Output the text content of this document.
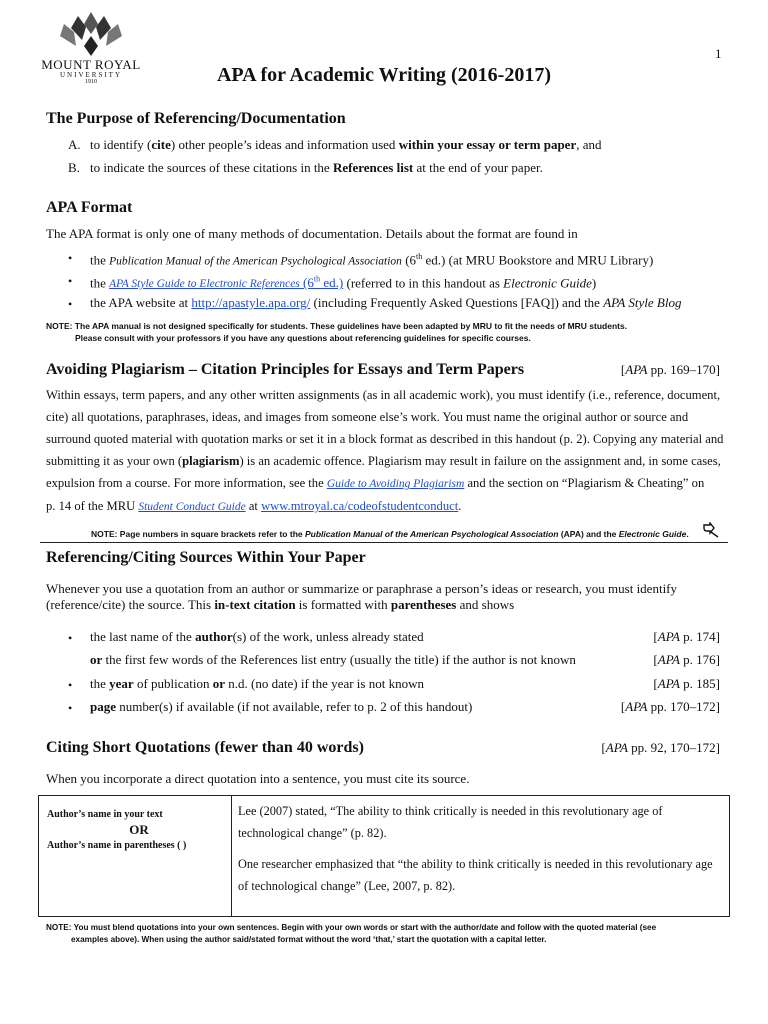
MOUNT ROYAL
UNIVERSITY
1910
1
APA for Academic Writing (2016-2017)
The Purpose of Referencing/Documentation
A. to identify (cite) other people’s ideas and information used within your essay or term paper, and
B. to indicate the sources of these citations in the References list at the end of your paper.
APA Format
The APA format is only one of many methods of documentation. Details about the format are found in
• the Publication Manual of the American Psychological Association (6th ed.) (at MRU Bookstore and MRU Library)
• the APA Style Guide to Electronic References (6th ed.) (referred to in this handout as Electronic Guide)
• the APA website at http://apastyle.apa.org/ (including Frequently Asked Questions [FAQ]) and the APA Style Blog
NOTE: The APA manual is not designed specifically for students. These guidelines have been adapted by MRU to fit the needs of MRU students.
Please consult with your professors if you have any questions about referencing guidelines for specific courses.
Avoiding Plagiarism – Citation Principles for Essays and Term Papers	[APA pp. 169–170]
Within essays, term papers, and any other written assignments (as in all academic work), you must identify (i.e., reference, document,
cite) all quotations, paraphrases, ideas, and images from someone else’s work. You must name the original author or source and
surround quoted material with quotation marks or set it in a block format as described in this handout (p. 2). Copying any material and
submitting it as your own (plagiarism) is an academic offence. Plagiarism may result in failure on the assignment and, in some cases,
expulsion from a course. For more information, see the Guide to Avoiding Plagiarism and the section on “Plagiarism & Cheating” on
p. 14 of the MRU Student Conduct Guide at www.mtroyal.ca/codeofstudentconduct.
NOTE: Page numbers in square brackets refer to the Publication Manual of the American Psychological Association (APA) and the Electronic Guide.
Referencing/Citing Sources Within Your Paper
Whenever you use a quotation from an author or summarize or paraphrase a person’s ideas or research, you must identify
(reference/cite) the source. This in-text citation is formatted with parentheses and shows
• the last name of the author(s) of the work, unless already stated	[APA p. 174]
or the first few words of the References list entry (usually the title) if the author is not known	[APA p. 176]
• the year of publication or n.d. (no date) if the year is not known	[APA p. 185]
• page number(s) if available (if not available, refer to p. 2 of this handout)	[APA pp. 170–172]
Citing Short Quotations (fewer than 40 words)	[APA pp. 92, 170–172]
When you incorporate a direct quotation into a sentence, you must cite its source.
Author’s name in your text
OR
Author’s name in parentheses ( )

Lee (2007) stated, “The ability to think critically is needed in this revolutionary age of
technological change” (p. 82).
One researcher emphasized that “the ability to think critically is needed in this revolutionary age
of technological change” (Lee, 2007, p. 82).
NOTE: You must blend quotations into your own sentences. Begin with your own words or start with the author/date and follow with the quoted material (see
examples above). When using the author said/stated format without the word ‘that,’ start the quotation with a capital letter.
